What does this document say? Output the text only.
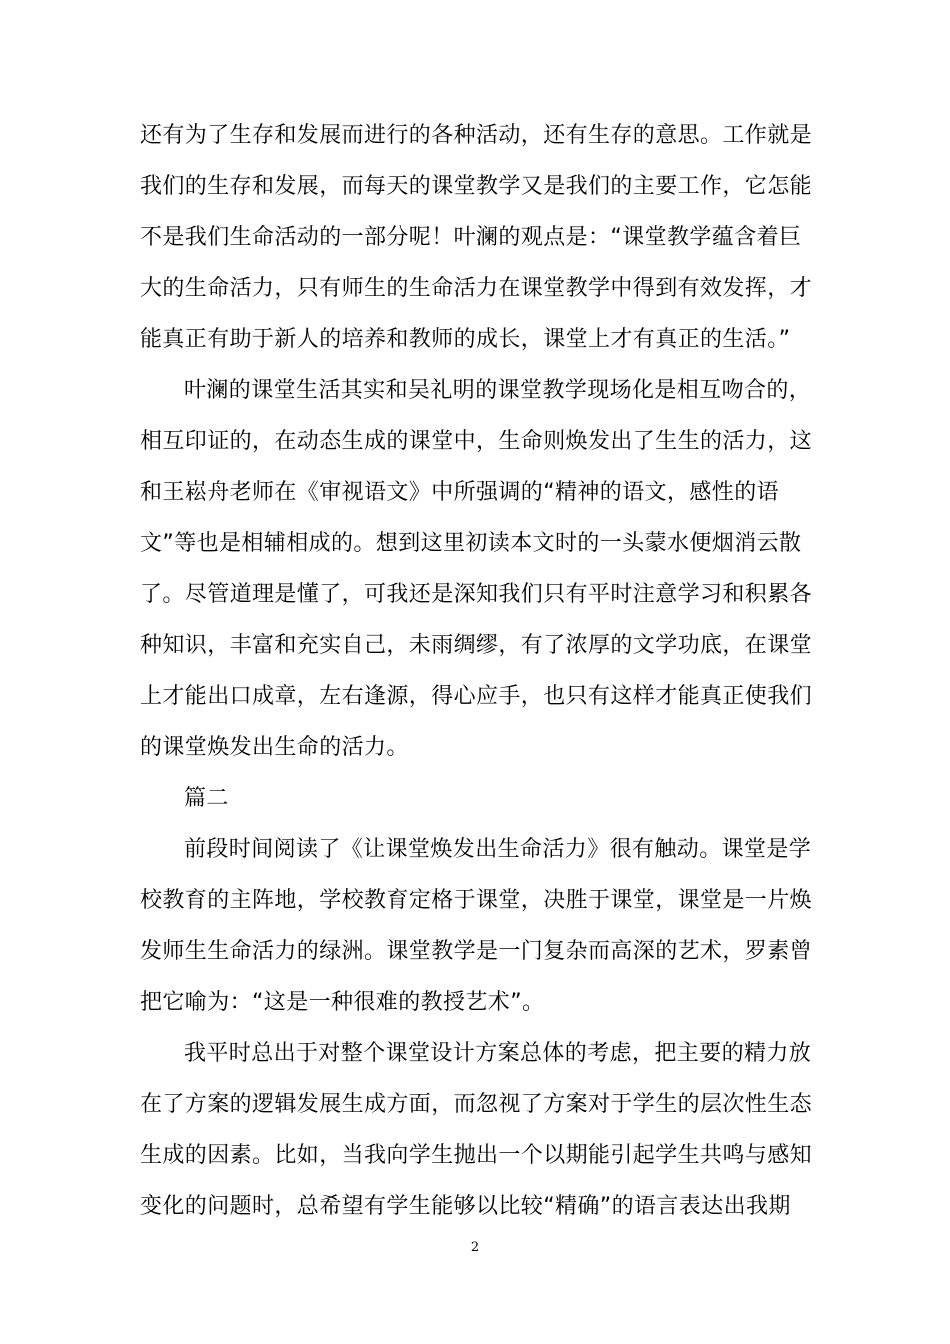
还有为了生存和发展而进行的各种活动，还有生存的意思。工作就是
我们的生存和发展，而每天的课堂教学又是我们的主要工作，它怎能
不是我们生命活动的一部分呢！叶澜的观点是：“课堂教学蕴含着巨
大的生命活力，只有师生的生命活力在课堂教学中得到有效发挥，才
能真正有助于新人的培养和教师的成长，课堂上才有真正的生活。”
叶澜的课堂生活其实和吴礼明的课堂教学现场化是相互吻合的，
相互印证的，在动态生成的课堂中，生命则焕发出了生生的活力，这
和王崧舟老师在《审视语文》中所强调的“精神的语文，感性的语
文”等也是相辅相成的。想到这里初读本文时的一头蒙水便烟消云散
了。尽管道理是懂了，可我还是深知我们只有平时注意学习和积累各
种知识，丰富和充实自己，未雨绸缪，有了浓厚的文学功底，在课堂
上才能出口成章，左右逢源，得心应手，也只有这样才能真正使我们
的课堂焕发出生命的活力。
篇二
前段时间阅读了《让课堂焕发出生命活力》很有触动。课堂是学
校教育的主阵地，学校教育定格于课堂，决胜于课堂，课堂是一片焕
发师生生命活力的绿洲。课堂教学是一门复杂而高深的艺术，罗素曾
把它喻为：“这是一种很难的教授艺术”。
我平时总出于对整个课堂设计方案总体的考虑，把主要的精力放
在了方案的逻辑发展生成方面，而忽视了方案对于学生的层次性生态
生成的因素。比如，当我向学生抛出一个以期能引起学生共鸣与感知
变化的问题时，总希望有学生能够以比较“精确”的语言表达出我期
2
